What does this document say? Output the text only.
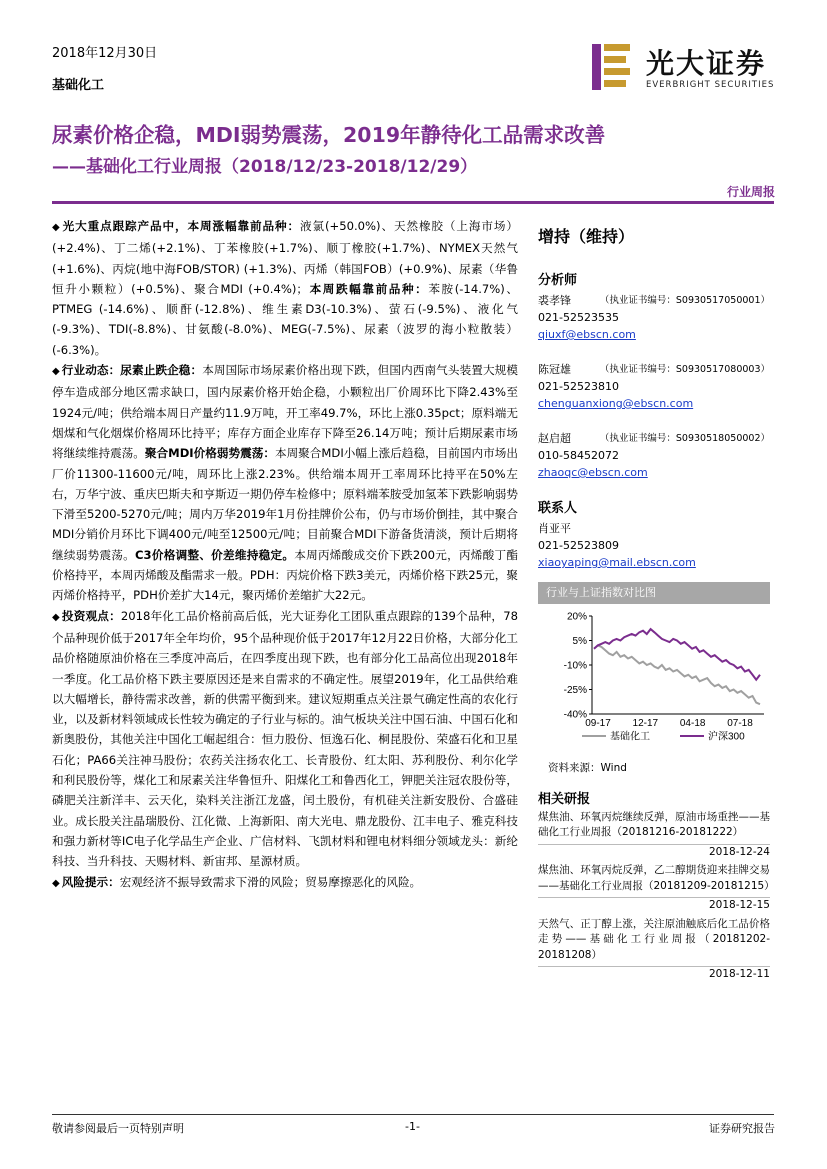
2018年12月30日
基础化工
光大证券
EVERBRIGHT SECURITIES
尿素价格企稳，MDI弱势震荡，2019年静待化工品需求改善
——基础化工行业周报（2018/12/23-2018/12/29）
行业周报

◆ 光大重点跟踪产品中，本周涨幅靠前品种：液氯(+50.0%)、天然橡胶（上海市场）(+2.4%)、丁二烯(+2.1%)、丁苯橡胶(+1.7%)、顺丁橡胶(+1.7%)、NYMEX天然气(+1.6%)、丙烷(地中海FOB/STOR) (+1.3%)、丙烯（韩国FOB）(+0.9%)、尿素（华鲁恒升小颗粒）(+0.5%)、聚合MDI (+0.4%)；本周跌幅靠前品种：苯胺(-14.7%)、PTMEG (-14.6%)、顺酐(-12.8%)、维生素D3(-10.3%)、萤石(-9.5%)、液化气(-9.3%)、TDI(-8.8%)、甘氨酸(-8.0%)、MEG(-7.5%)、尿素（波罗的海小粒散装）(-6.3%)。

◆ 行业动态：尿素止跌企稳：本周国际市场尿素价格出现下跌，但国内西南气头装置大规模停车造成部分地区需求缺口，国内尿素价格开始企稳，小颗粒出厂价周环比下降2.43%至1924元/吨；供给端本周日产量约11.9万吨，开工率49.7%，环比上涨0.35pct；原料端无烟煤和气化烟煤价格周环比持平；库存方面企业库存下降至26.14万吨；预计后期尿素市场将继续维持震荡。聚合MDI价格弱势震荡：本周聚合MDI小幅上涨后趋稳，目前国内市场出厂价11300-11600元/吨，周环比上涨2.23%。供给端本周开工率周环比持平在50%左右，万华宁波、重庆巴斯夫和亨斯迈一期仍停车检修中；原料端苯胺受加氢苯下跌影响弱势下滑至5200-5270元/吨；周内万华2019年1月份挂牌价公布，仍与市场价倒挂，其中聚合MDI分销价月环比下调400元/吨至12500元/吨；目前聚合MDI下游备货清淡，预计后期将继续弱势震荡。C3价格调整、价差维持稳定。本周丙烯酸成交价下跌200元，丙烯酸丁酯价格持平，本周丙烯酸及酯需求一般。PDH：丙烷价格下跌3美元，丙烯价格下跌25元，聚丙烯价格持平，PDH价差扩大14元，聚丙烯价差缩扩大22元。

◆ 投资观点：2018年化工品价格前高后低，光大证券化工团队重点跟踪的139个品种，78个品种现价低于2017年全年均价，95个品种现价低于2017年12月22日价格，大部分化工品价格随原油价格在三季度冲高后，在四季度出现下跌，也有部分化工品高位出现2018年一季度。化工品价格下跌主要原因还是来自需求的不确定性。展望2019年，化工品供给难以大幅增长，静待需求改善，新的供需平衡到来。建议短期重点关注景气确定性高的农化行业，以及新材料领域成长性较为确定的子行业与标的。油气板块关注中国石油、中国石化和新奥股份，其他关注中国化工崛起组合：恒力股份、恒逸石化、桐昆股份、荣盛石化和卫星石化；PA66关注神马股份；农药关注扬农化工、长青股份、红太阳、苏利股份、利尔化学和利民股份等，煤化工和尿素关注华鲁恒升、阳煤化工和鲁西化工，钾肥关注冠农股份等，磷肥关注新洋丰、云天化，染料关注浙江龙盛，闰土股份，有机硅关注新安股份、合盛硅业。成长股关注晶瑞股份、江化微、上海新阳、南大光电、鼎龙股份、江丰电子、雅克科技和强力新材等IC电子化学品生产企业、广信材料、飞凯材料和锂电材料细分领域龙头：新纶科技、当升科技、天赐材料、新宙邦、星源材质。

◆ 风险提示：宏观经济不振导致需求下滑的风险；贸易摩擦恶化的风险。

增持（维持）
分析师
裘孝锋	（执业证书编号：S0930517050001）
021-52523535
qiuxf@ebscn.com
陈冠雄	（执业证书编号：S0930517080003）
021-52523810
chenguanxiong@ebscn.com
赵启超	（执业证书编号：S0930518050002）
010-58452072
zhaoqc@ebscn.com
联系人
肖亚平
021-52523809
xiaoyaping@mail.ebscn.com
行业与上证指数对比图
20%
5%
-10%
-25%
-40%
09-17 12-17 04-18 07-18
基础化工	沪深300
资料来源：Wind
相关研报
煤焦油、环氧丙烷继续反弹，原油市场重挫——基础化工行业周报（20181216-20181222）
2018-12-24
煤焦油、环氧丙烷反弹，乙二醇期货迎来挂牌交易——基础化工行业周报（20181209-20181215）
2018-12-15
天然气、正丁醇上涨，关注原油触底后化工品价格走势——基础化工行业周报（20181202-20181208）
2018-12-11
敬请参阅最后一页特别声明	-1-	证券研究报告
